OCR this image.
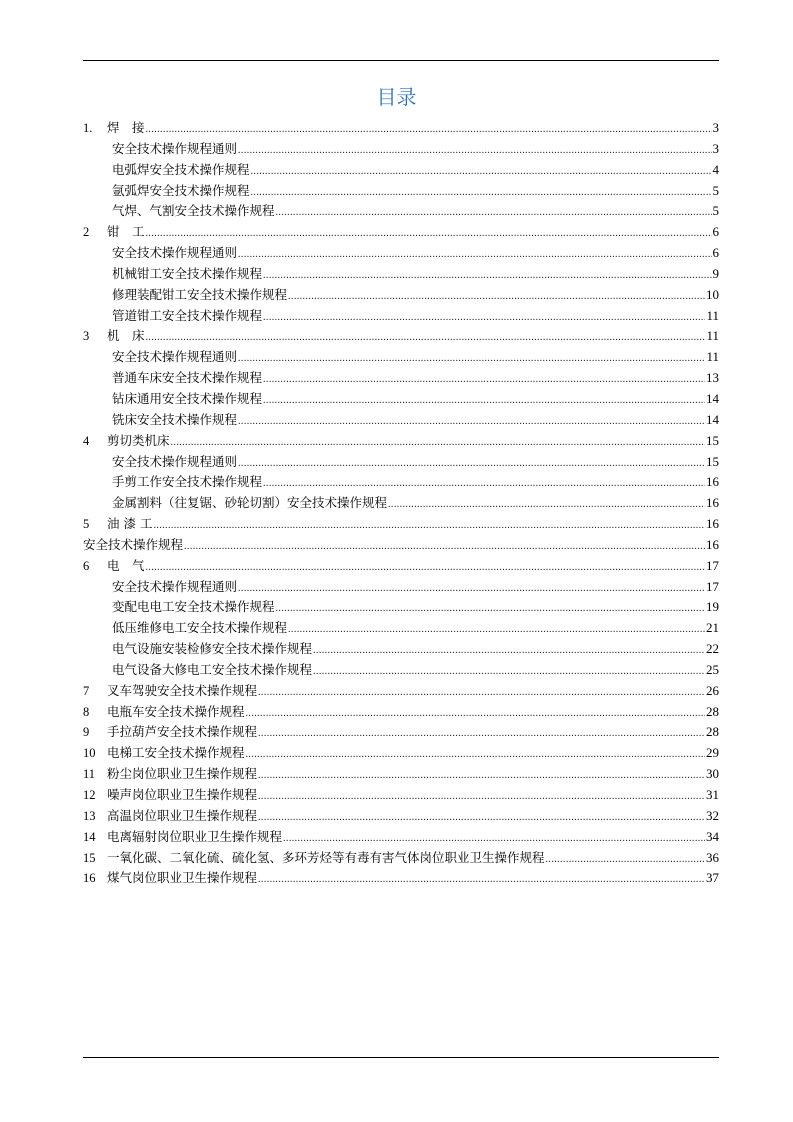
目录
1.	焊　接 .....	3
安全技术操作规程通则 .....	3
电弧焊安全技术操作规程 .....	4
氩弧焊安全技术操作规程 .....	5
气焊、气割安全技术操作规程 .....	5
2	钳　工 .....	6
安全技术操作规程通则 .....	6
机械钳工安全技术操作规程 .....	9
修理装配钳工安全技术操作规程 .....	10
管道钳工安全技术操作规程 .....	11
3	机　床 .....	11
安全技术操作规程通则 .....	11
普通车床安全技术操作规程 .....	13
钻床通用安全技术操作规程 .....	14
铣床安全技术操作规程 .....	14
4	剪切类机床 .....	15
安全技术操作规程通则 .....	15
手剪工作安全技术操作规程 .....	16
金属割料（往复锯、砂轮切割）安全技术操作规程 .....	16
5	油 漆 工 .....	16
安全技术操作规程 .....	16
6	电　气 .....	17
安全技术操作规程通则 .....	17
变配电电工安全技术操作规程 .....	19
低压维修电工安全技术操作规程 .....	21
电气设施安装检修安全技术操作规程 .....	22
电气设备大修电工安全技术操作规程 .....	25
7	叉车驾驶安全技术操作规程 .....	26
8	电瓶车安全技术操作规程 .....	28
9	手拉葫芦安全技术操作规程 .....	28
10 电梯工安全技术操作规程 .....	29
11 粉尘岗位职业卫生操作规程 .....	30
12 噪声岗位职业卫生操作规程 .....	31
13 高温岗位职业卫生操作规程 .....	32
14 电离辐射岗位职业卫生操作规程 .....	34
15 一氧化碳、二氧化硫、硫化氢、多环芳烃等有毒有害气体岗位职业卫生操作规程 .....	36
16 煤气岗位职业卫生操作规程 .....	37
